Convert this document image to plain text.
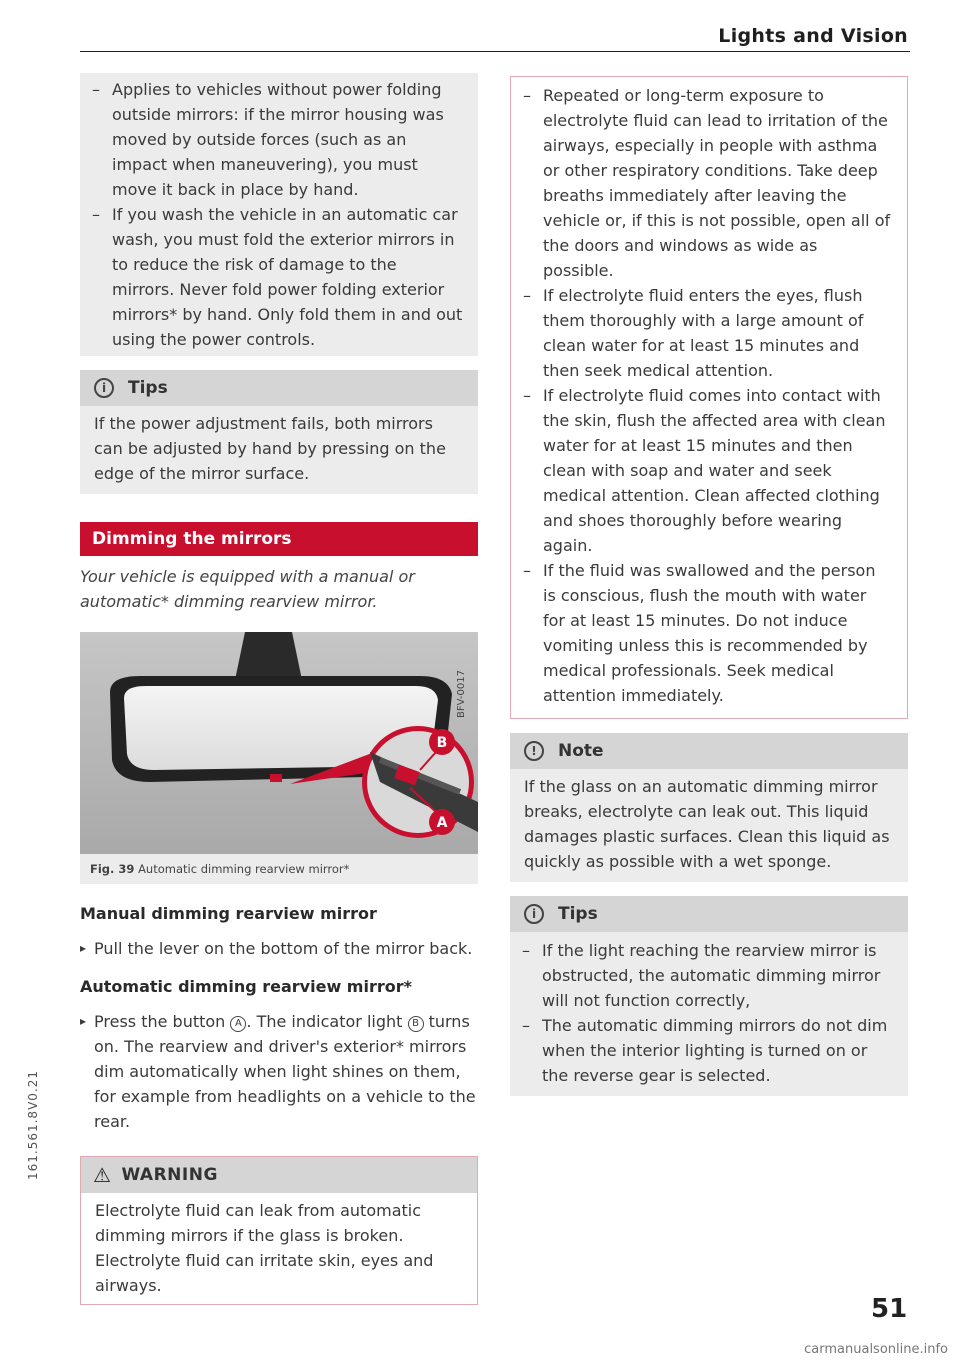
Lights and Vision
– Applies to vehicles without power folding outside mirrors: if the mirror housing was moved by outside forces (such as an impact when maneuvering), you must move it back in place by hand.
– If you wash the vehicle in an automatic car wash, you must fold the exterior mirrors in to reduce the risk of damage to the mirrors. Never fold power folding exterior mirrors* by hand. Only fold them in and out using the power controls.
i	Tips

If the power adjustment fails, both mirrors can be adjusted by hand by pressing on the edge of the mirror surface.

Dimming the mirrors

Your vehicle is equipped with a manual or automatic* dimming rearview mirror.

B
A
BFV-0017
Fig. 39 Automatic dimming rearview mirror*
Manual dimming rearview mirror

▸ Pull the lever on the bottom of the mirror back.

Automatic dimming rearview mirror*

▸ Press the button A . The indicator light B turns on. The rearview and driver's exterior* mirrors dim automatically when light shines on them, for example from headlights on a vehicle to the rear.

⚠ WARNING

Electrolyte fluid can leak from automatic dimming mirrors if the glass is broken. Electrolyte fluid can irritate skin, eyes and airways.

– Repeated or long-term exposure to electrolyte fluid can lead to irritation of the airways, especially in people with asthma or other respiratory conditions. Take deep breaths immediately after leaving the vehicle or, if this is not possible, open all of the doors and windows as wide as possible.
– If electrolyte fluid enters the eyes, flush them thoroughly with a large amount of clean water for at least 15 minutes and then seek medical attention.
– If electrolyte fluid comes into contact with the skin, flush the affected area with clean water for at least 15 minutes and then clean with soap and water and seek medical attention. Clean affected clothing and shoes thoroughly before wearing again.
– If the fluid was swallowed and the person is conscious, flush the mouth with water for at least 15 minutes. Do not induce vomiting unless this is recommended by medical professionals. Seek medical attention immediately.
!	Note

If the glass on an automatic dimming mirror breaks, electrolyte can leak out. This liquid damages plastic surfaces. Clean this liquid as quickly as possible with a wet sponge.

i	Tips
– If the light reaching the rearview mirror is obstructed, the automatic dimming mirror will not function correctly,
– The automatic dimming mirrors do not dim when the interior lighting is turned on or the reverse gear is selected.
161.561.8V0.21
51
carmanualsonline.info
